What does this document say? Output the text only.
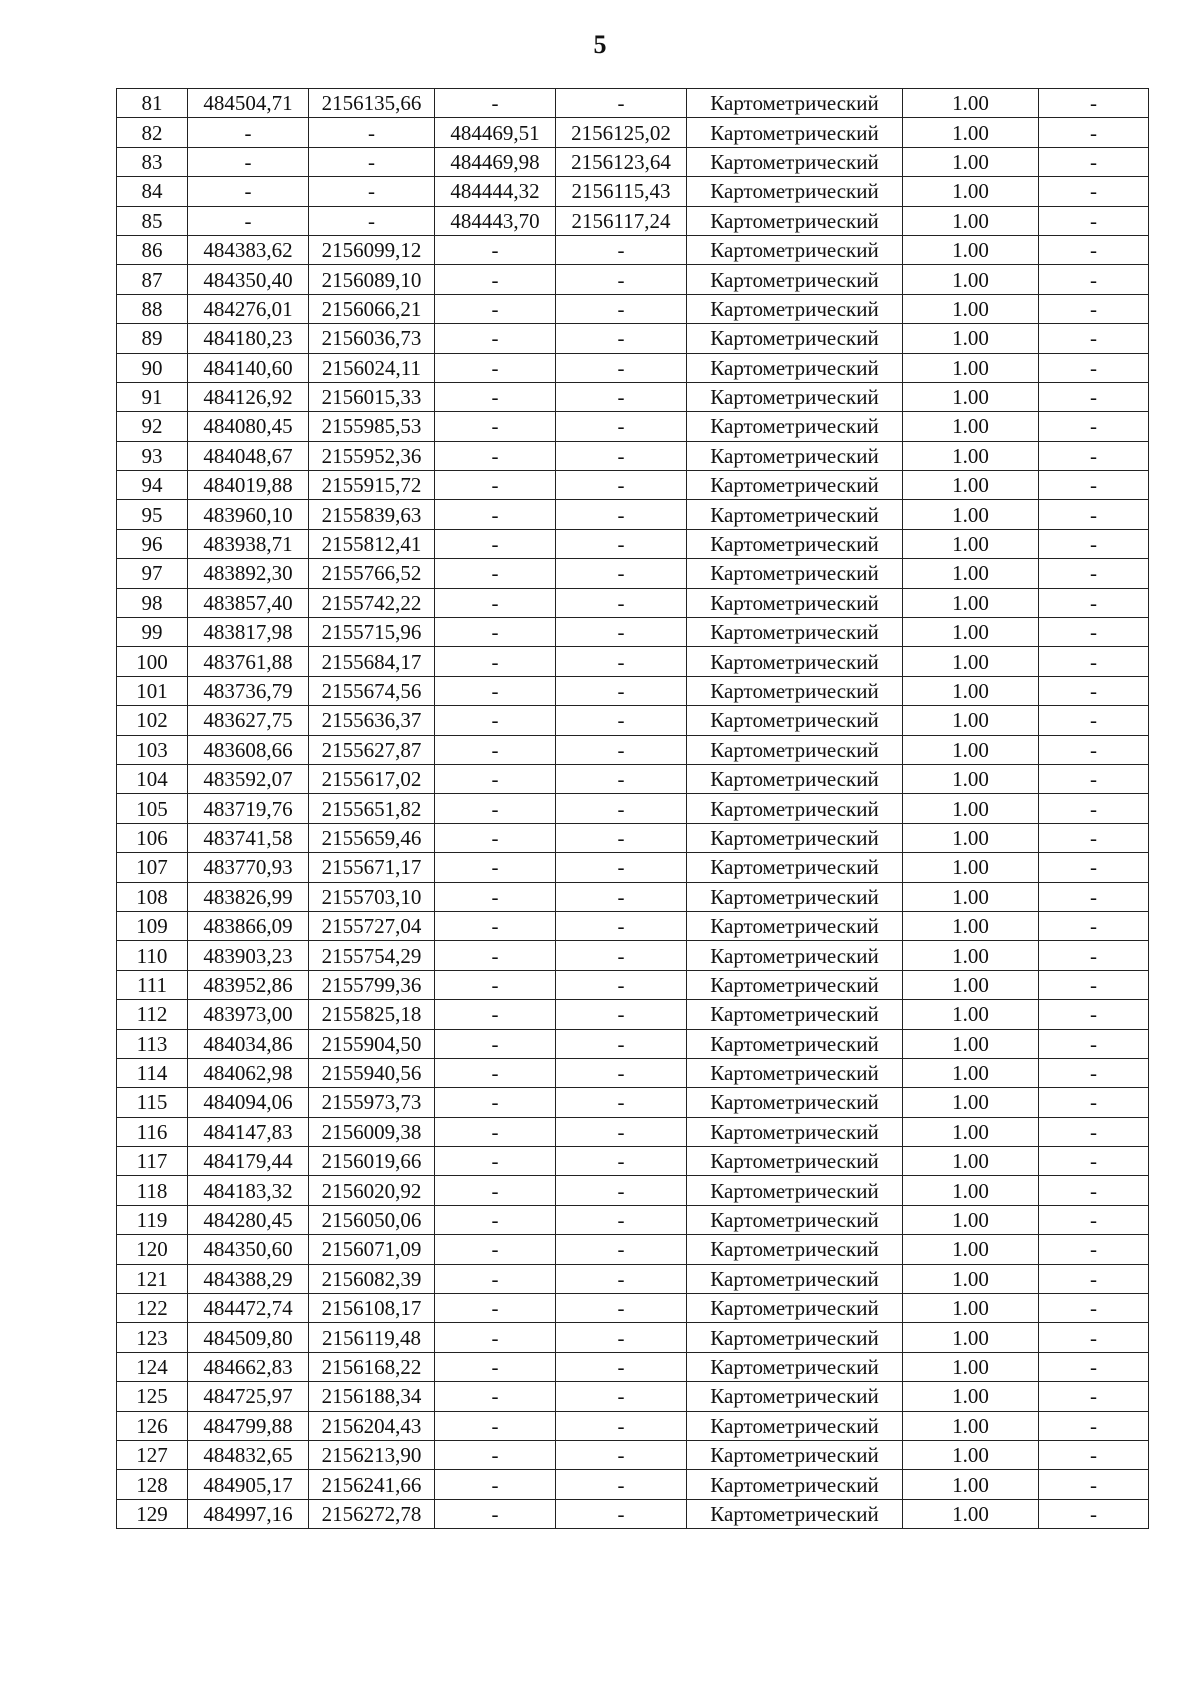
5
81	484504,71	2156135,66	-	-	Картометрический	1.00	-
82	-	-	484469,51	2156125,02	Картометрический	1.00	-
83	-	-	484469,98	2156123,64	Картометрический	1.00	-
84	-	-	484444,32	2156115,43	Картометрический	1.00	-
85	-	-	484443,70	2156117,24	Картометрический	1.00	-
86	484383,62	2156099,12	-	-	Картометрический	1.00	-
87	484350,40	2156089,10	-	-	Картометрический	1.00	-
88	484276,01	2156066,21	-	-	Картометрический	1.00	-
89	484180,23	2156036,73	-	-	Картометрический	1.00	-
90	484140,60	2156024,11	-	-	Картометрический	1.00	-
91	484126,92	2156015,33	-	-	Картометрический	1.00	-
92	484080,45	2155985,53	-	-	Картометрический	1.00	-
93	484048,67	2155952,36	-	-	Картометрический	1.00	-
94	484019,88	2155915,72	-	-	Картометрический	1.00	-
95	483960,10	2155839,63	-	-	Картометрический	1.00	-
96	483938,71	2155812,41	-	-	Картометрический	1.00	-
97	483892,30	2155766,52	-	-	Картометрический	1.00	-
98	483857,40	2155742,22	-	-	Картометрический	1.00	-
99	483817,98	2155715,96	-	-	Картометрический	1.00	-
100	483761,88	2155684,17	-	-	Картометрический	1.00	-
101	483736,79	2155674,56	-	-	Картометрический	1.00	-
102	483627,75	2155636,37	-	-	Картометрический	1.00	-
103	483608,66	2155627,87	-	-	Картометрический	1.00	-
104	483592,07	2155617,02	-	-	Картометрический	1.00	-
105	483719,76	2155651,82	-	-	Картометрический	1.00	-
106	483741,58	2155659,46	-	-	Картометрический	1.00	-
107	483770,93	2155671,17	-	-	Картометрический	1.00	-
108	483826,99	2155703,10	-	-	Картометрический	1.00	-
109	483866,09	2155727,04	-	-	Картометрический	1.00	-
110	483903,23	2155754,29	-	-	Картометрический	1.00	-
111	483952,86	2155799,36	-	-	Картометрический	1.00	-
112	483973,00	2155825,18	-	-	Картометрический	1.00	-
113	484034,86	2155904,50	-	-	Картометрический	1.00	-
114	484062,98	2155940,56	-	-	Картометрический	1.00	-
115	484094,06	2155973,73	-	-	Картометрический	1.00	-
116	484147,83	2156009,38	-	-	Картометрический	1.00	-
117	484179,44	2156019,66	-	-	Картометрический	1.00	-
118	484183,32	2156020,92	-	-	Картометрический	1.00	-
119	484280,45	2156050,06	-	-	Картометрический	1.00	-
120	484350,60	2156071,09	-	-	Картометрический	1.00	-
121	484388,29	2156082,39	-	-	Картометрический	1.00	-
122	484472,74	2156108,17	-	-	Картометрический	1.00	-
123	484509,80	2156119,48	-	-	Картометрический	1.00	-
124	484662,83	2156168,22	-	-	Картометрический	1.00	-
125	484725,97	2156188,34	-	-	Картометрический	1.00	-
126	484799,88	2156204,43	-	-	Картометрический	1.00	-
127	484832,65	2156213,90	-	-	Картометрический	1.00	-
128	484905,17	2156241,66	-	-	Картометрический	1.00	-
129	484997,16	2156272,78	-	-	Картометрический	1.00	-
